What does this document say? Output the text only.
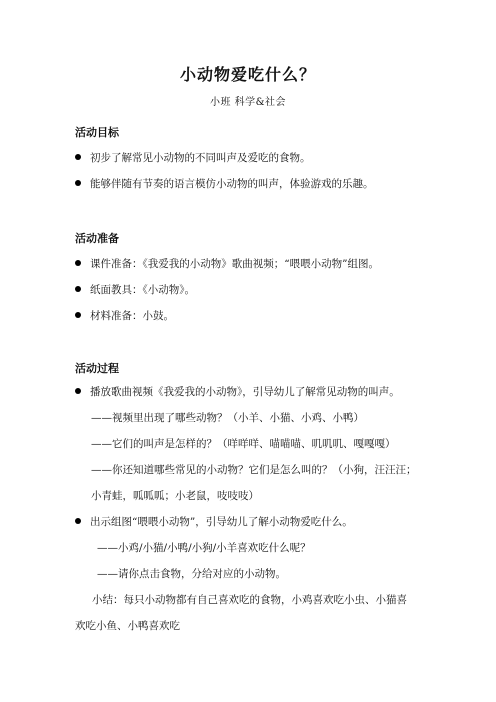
小动物爱吃什么？
小班 科学&社会
活动目标
初步了解常见小动物的不同叫声及爱吃的食物。
能够伴随有节奏的语言模仿小动物的叫声，体验游戏的乐趣。
活动准备
课件准备：《我爱我的小动物》歌曲视频；“喂喂小动物”组图。
纸面教具：《小动物》。
材料准备：小鼓。
活动过程
播放歌曲视频《我爱我的小动物》，引导幼儿了解常见动物的叫声。
——视频里出现了哪些动物？（小羊、小猫、小鸡、小鸭）
——它们的叫声是怎样的？（咩咩咩、喵喵喵、叽叽叽、嘎嘎嘎）
——你还知道哪些常见的小动物？它们是怎么叫的？（小狗，汪汪汪；
小青蛙，呱呱呱；小老鼠，吱吱吱）
出示组图“喂喂小动物”，引导幼儿了解小动物爱吃什么。
——小鸡/小猫/小鸭/小狗/小羊喜欢吃什么呢？
——请你点击食物，分给对应的小动物。
小结：每只小动物都有自己喜欢吃的食物，小鸡喜欢吃小虫、小猫喜
欢吃小鱼、小鸭喜欢吃
